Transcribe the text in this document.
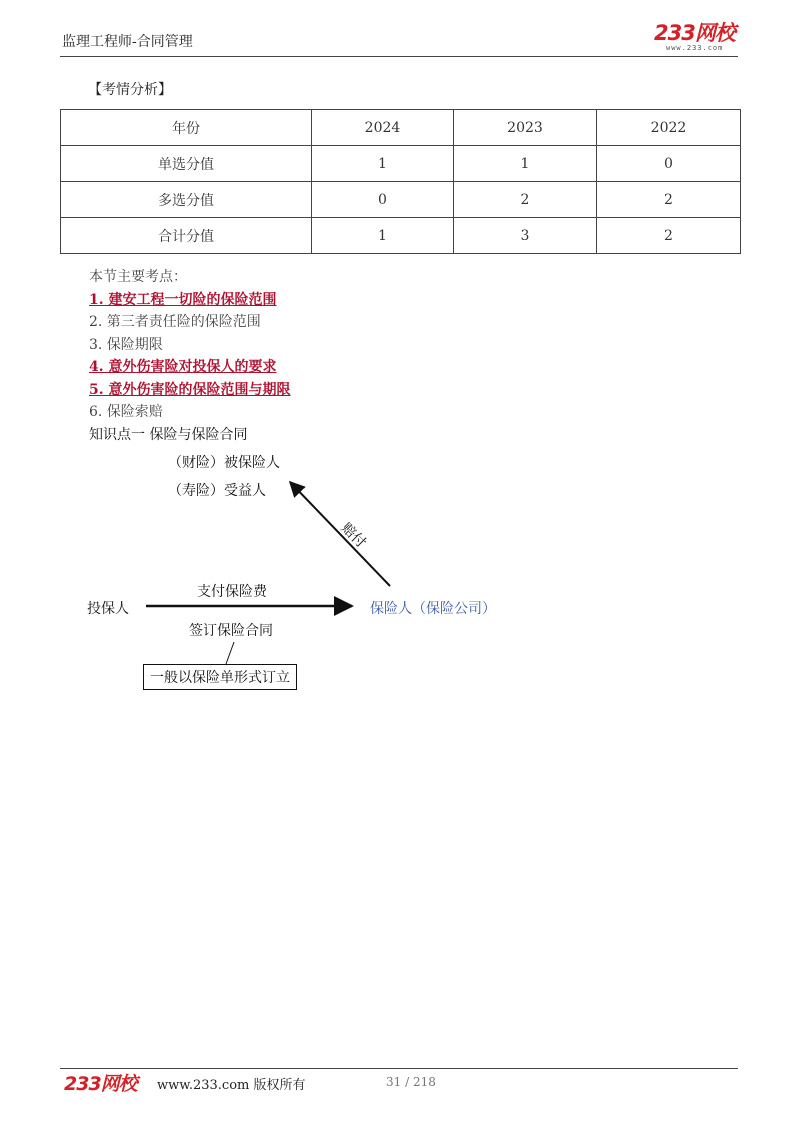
监理工程师-合同管理	233网校
www.233.com
【考情分析】
年份	2024	2023	2022
单选分值	1	1	0
多选分值	0	2	2
合计分值	1	3	2
本节主要考点：
1. 建安工程一切险的保险范围
2. 第三者责任险的保险范围
3. 保险期限
4. 意外伤害险对投保人的要求
5. 意外伤害险的保险范围与期限
6. 保险索赔
知识点一 保险与保险合同
（财险）被保险人
（寿险）受益人
赔付
投保人
支付保险费
保险人（保险公司）
签订保险合同
一般以保险单形式订立
233网校 www.233.com 版权所有	31 / 218
